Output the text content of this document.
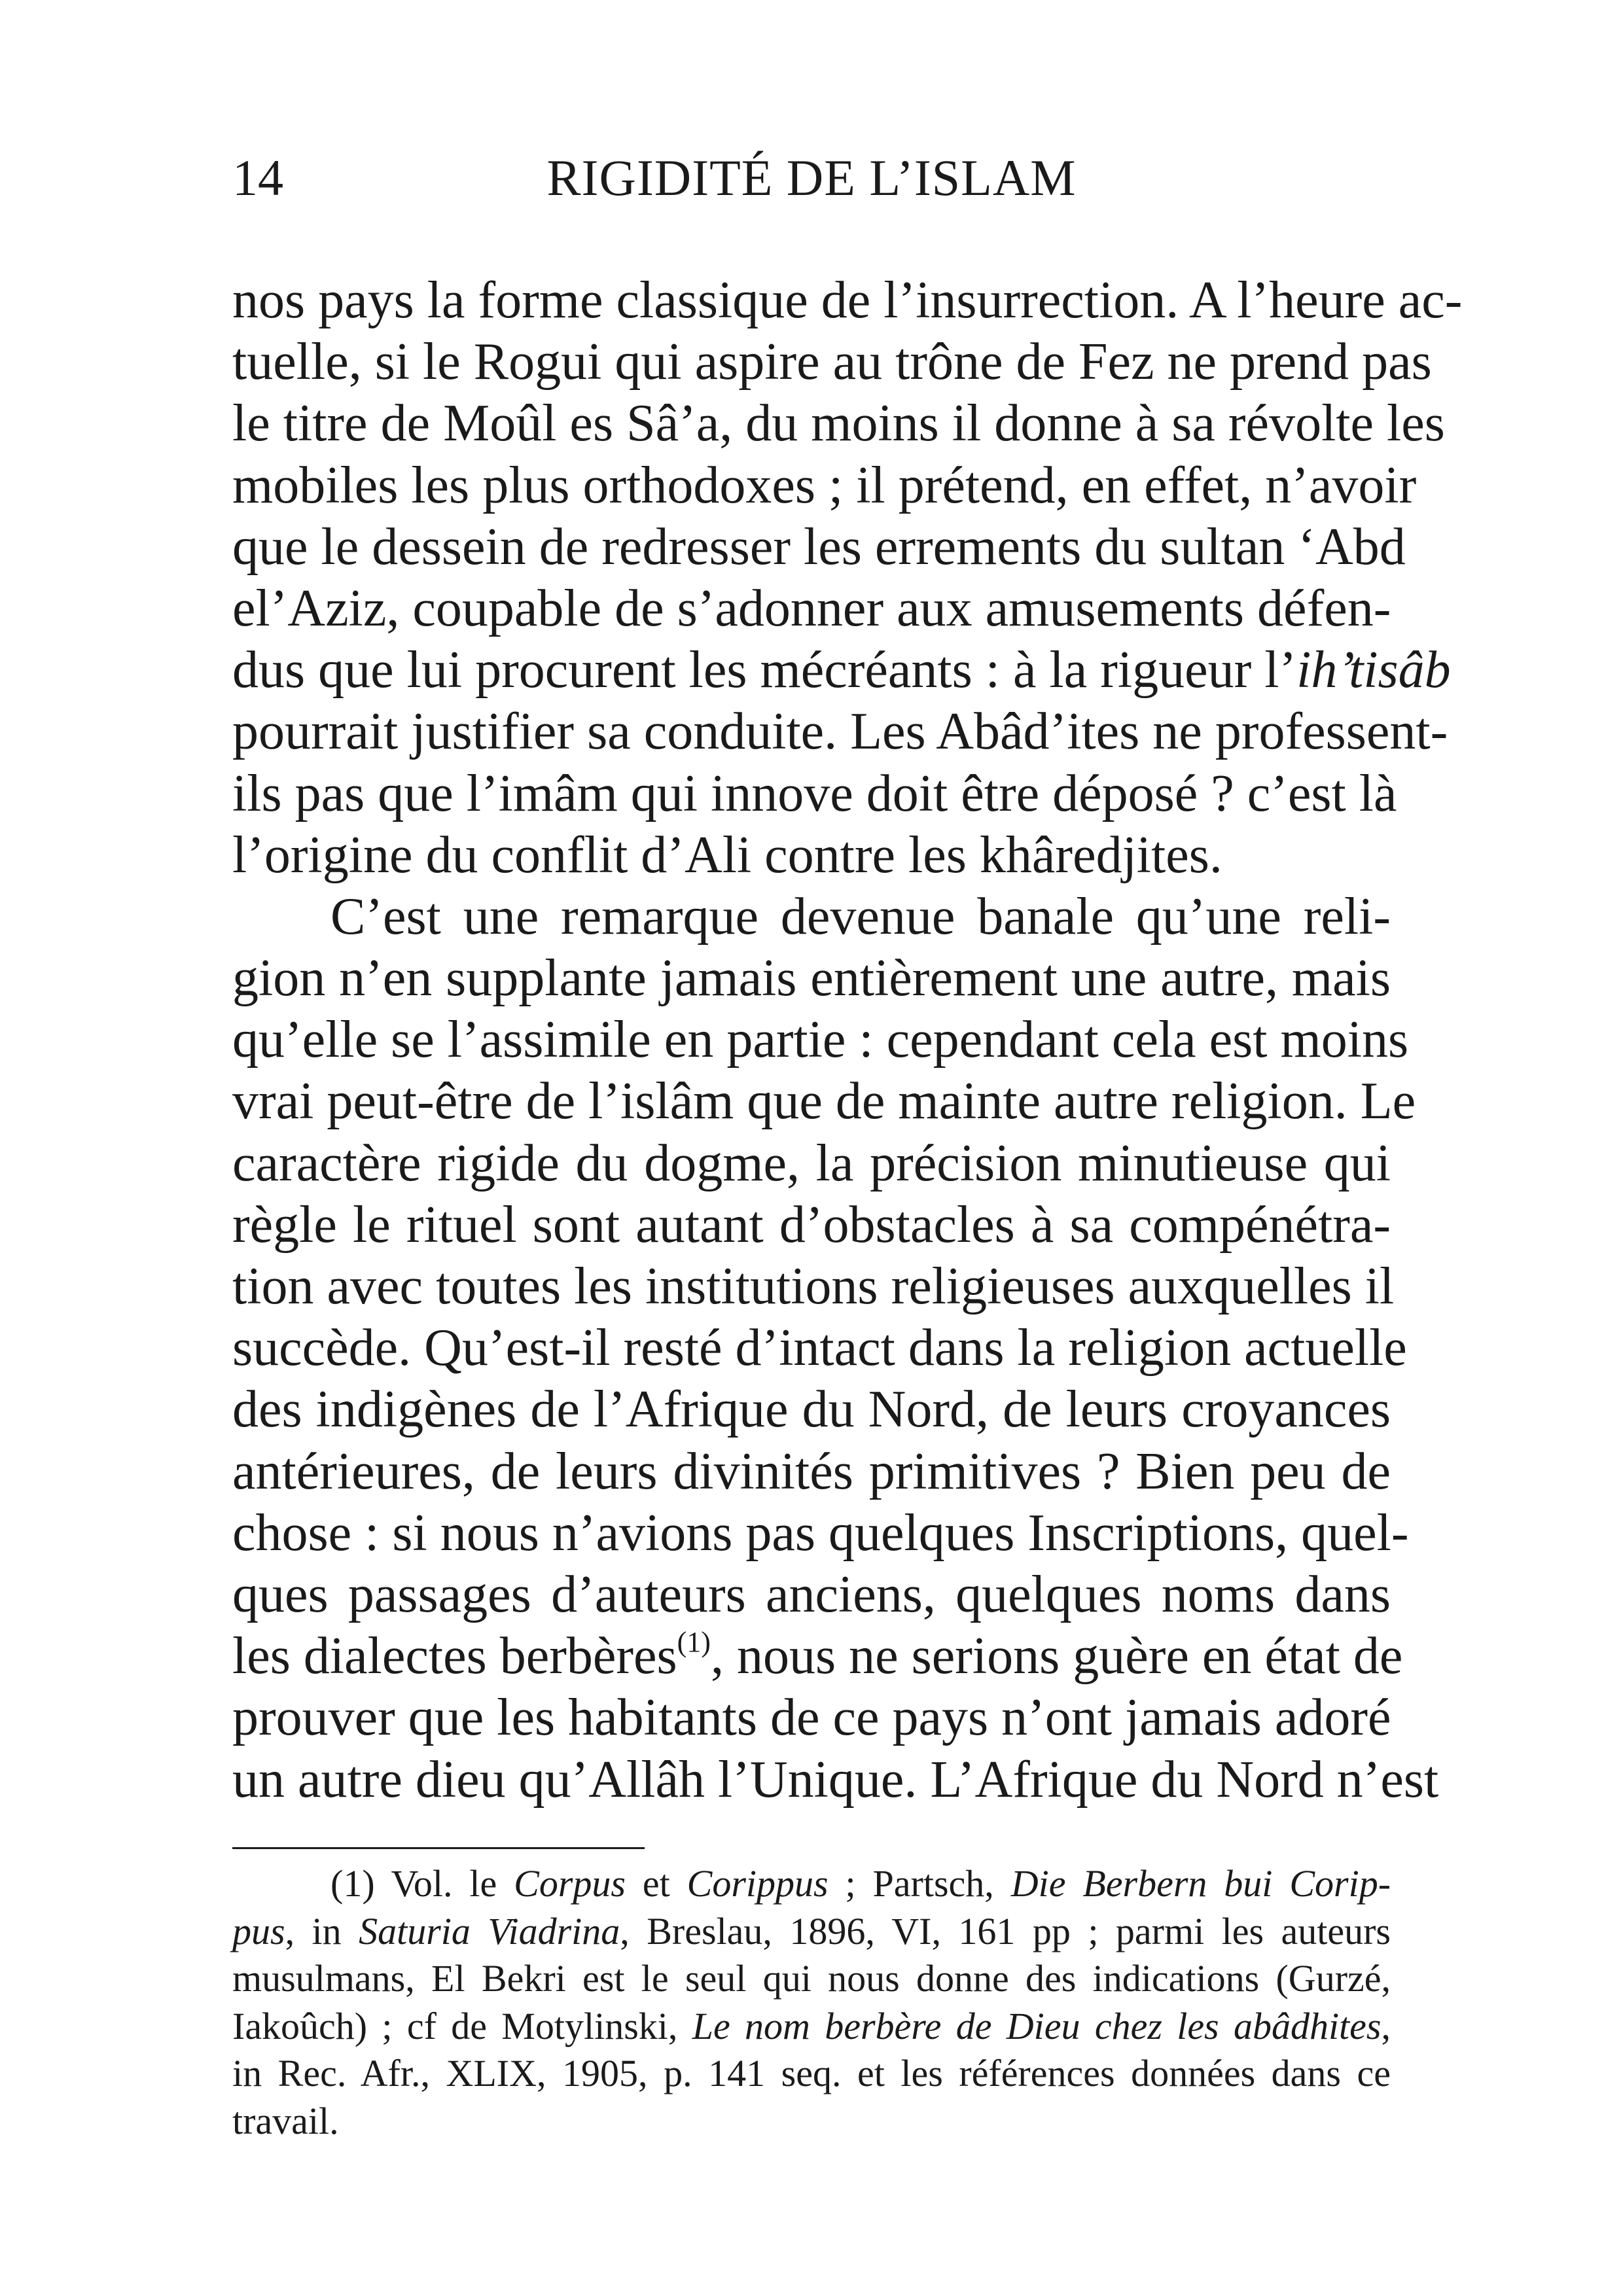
14	RIGIDITÉ DE L’ISLAM

nos pays la forme classique de l’insurrection. A l’heure ac-
tuelle, si le Rogui qui aspire au trône de Fez ne prend pas
le titre de Moûl es Sâ’a, du moins il donne à sa révolte les
mobiles les plus orthodoxes ; il prétend, en effet, n’avoir
que le dessein de redresser les errements du sultan ‘Abd
el’Aziz, coupable de s’adonner aux amusements défen-
dus que lui procurent les mécréants : à la rigueur l’ih’tisâb
pourrait justifier sa conduite. Les Abâd’ites ne professent-
ils pas que l’imâm qui innove doit être déposé ? c’est là
l’origine du conflit d’Ali contre les khâredjites.

C’est une remarque devenue banale qu’une reli-
gion n’en supplante jamais entièrement une autre, mais
qu’elle se l’assimile en partie : cependant cela est moins
vrai peut-être de l’islâm que de mainte autre religion. Le
caractère rigide du dogme, la précision minutieuse qui
règle le rituel sont autant d’obstacles à sa compénétra-
tion avec toutes les institutions religieuses auxquelles il
succède. Qu’est-il resté d’intact dans la religion actuelle
des indigènes de l’Afrique du Nord, de leurs croyances
antérieures, de leurs divinités primitives ? Bien peu de
chose : si nous n’avions pas quelques Inscriptions, quel-
ques passages d’auteurs anciens, quelques noms dans
les dialectes berbères$^{(1)}$, nous ne serions guère en état de
prouver que les habitants de ce pays n’ont jamais adoré
un autre dieu qu’Allâh l’Unique. L’Afrique du Nord n’est

(1) Vol. le Corpus et Corippus ; Partsch, Die Berbern bui Corip-
pus, in Saturia Viadrina, Breslau, 1896, VI, 161 pp ; parmi les auteurs
musulmans, El Bekri est le seul qui nous donne des indications (Gurzé,
Iakoûch) ; cf de Motylinski, Le nom berbère de Dieu chez les abâdhites,
in Rec. Afr., XLIX, 1905, p. 141 seq. et les références données dans ce
travail.
